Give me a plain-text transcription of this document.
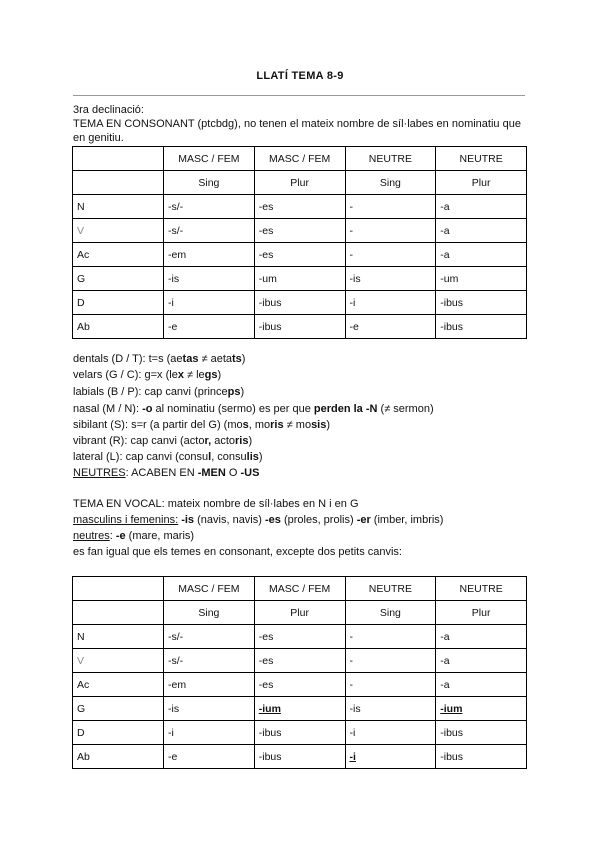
LLATÍ TEMA 8-9
3ra declinació:
TEMA EN CONSONANT (ptcbdg), no tenen el mateix nombre de síl·labes en nominatiu que
en genitiu.
	MASC / FEM	MASC / FEM	NEUTRE	NEUTRE
	Sing	Plur	Sing	Plur
N	-s/-	-es	-	-a
V	-s/-	-es	-	-a
Ac	-em	-es	-	-a
G	-is	-um	-is	-um
D	-i	-ibus	-i	-ibus
Ab	-e	-ibus	-e	-ibus
dentals (D / T): t=s (aetas ≠ aetats)
velars (G / C): g=x (lex ≠ legs)
labials (B / P): cap canvi (princeps)
nasal (M / N): -o al nominatiu (sermo) es per que perden la -N (≠ sermon)
sibilant (S): s=r (a partir del G) (mos, moris ≠ mosis)
vibrant (R): cap canvi (actor, actoris)
lateral (L): cap canvi (consul, consulis)
NEUTRES: ACABEN EN -MEN O -US
TEMA EN VOCAL: mateix nombre de síl·labes en N i en G
masculins i femenins: -is (navis, navis) -es (proles, prolis) -er (imber, imbris)
neutres: -e (mare, maris)
es fan igual que els temes en consonant, excepte dos petits canvis:
	MASC / FEM	MASC / FEM	NEUTRE	NEUTRE
	Sing	Plur	Sing	Plur
N	-s/-	-es	-	-a
V	-s/-	-es	-	-a
Ac	-em	-es	-	-a
G	-is	-ium	-is	-ium
D	-i	-ibus	-i	-ibus
Ab	-e	-ibus	-i	-ibus
